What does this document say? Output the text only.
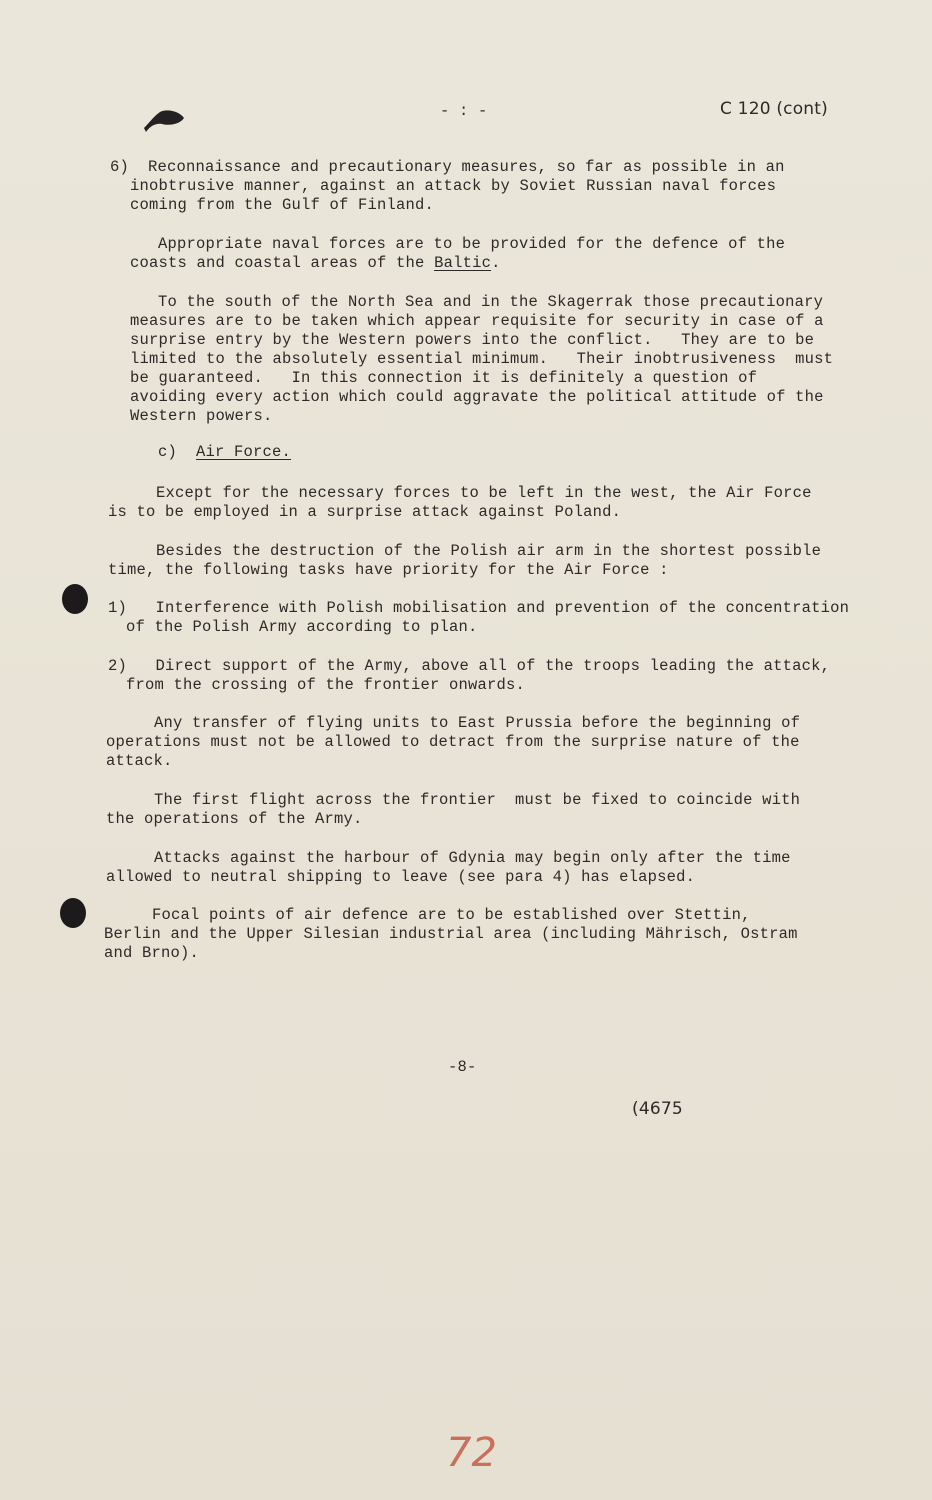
- : -	C 120 (cont)
6)  Reconnaissance and precautionary measures, so far as possible in an
inobtrusive manner, against an attack by Soviet Russian naval forces
coming from the Gulf of Finland.
Appropriate naval forces are to be provided for the defence of the
coasts and coastal areas of the Baltic.
To the south of the North Sea and in the Skagerrak those precautionary
measures are to be taken which appear requisite for security in case of a
surprise entry by the Western powers into the conflict.   They are to be
limited to the absolutely essential minimum.   Their inobtrusiveness  must
be guaranteed.   In this connection it is definitely a question of
avoiding every action which could aggravate the political attitude of the
Western powers.
c) Air Force.
Except for the necessary forces to be left in the west, the Air Force
is to be employed in a surprise attack against Poland.
Besides the destruction of the Polish air arm in the shortest possible
time, the following tasks have priority for the Air Force :
1)   Interference with Polish mobilisation and prevention of the concentration
of the Polish Army according to plan.
2)   Direct support of the Army, above all of the troops leading the attack,
from the crossing of the frontier onwards.
Any transfer of flying units to East Prussia before the beginning of
operations must not be allowed to detract from the surprise nature of the
attack.
The first flight across the frontier  must be fixed to coincide with
the operations of the Army.
Attacks against the harbour of Gdynia may begin only after the time
allowed to neutral shipping to leave (see para 4) has elapsed.
Focal points of air defence are to be established over Stettin,
Berlin and the Upper Silesian industrial area (including Mährisch, Ostram
and Brno).
-8-
(4675
72
